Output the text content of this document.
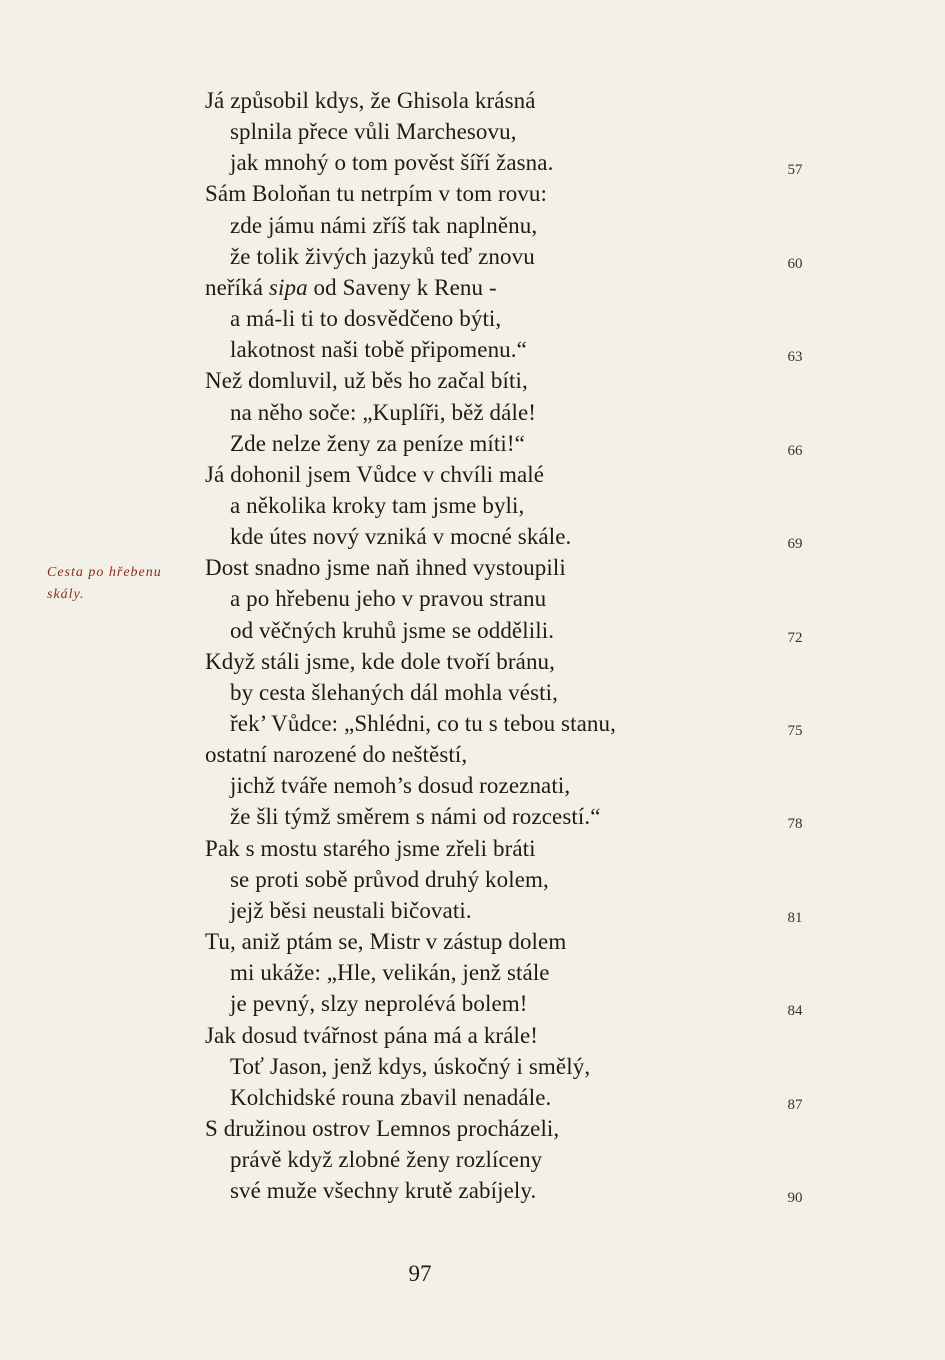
Já způsobil kdys, že Ghisola krásná
splnila přece vůli Marchesovu,
jak mnohý o tom pověst šíří žasna.
Sám Boloňan tu netrpím v tom rovu:
zde jámu námi zříš tak naplněnu,
že tolik živých jazyků teď znovu
neříká sipa od Saveny k Renu -
a má-li ti to dosvědčeno býti,
lakotnost naši tobě připomenu.“
Než domluvil, už běs ho začal bíti,
na něho soče: „Kuplíři, běž dále!
Zde nelze ženy za peníze míti!“
Já dohonil jsem Vůdce v chvíli malé
a několika kroky tam jsme byli,
kde útes nový vzniká v mocné skále.
Dost snadno jsme naň ihned vystoupili
a po hřebenu jeho v pravou stranu
od věčných kruhů jsme se oddělili.
Když stáli jsme, kde dole tvoří bránu,
by cesta šlehaných dál mohla vésti,
řek’ Vůdce: „Shlédni, co tu s tebou stanu,
ostatní narozené do neštěstí,
jichž tváře nemoh’s dosud rozeznati,
že šli týmž směrem s námi od rozcestí.“
Pak s mostu starého jsme zřeli bráti
se proti sobě průvod druhý kolem,
jejž běsi neustali bičovati.
Tu, aniž ptám se, Mistr v zástup dolem
mi ukáže: „Hle, velikán, jenž stále
je pevný, slzy neprolévá bolem!
Jak dosud tvářnost pána má a krále!
Toť Jason, jenž kdys, úskočný i smělý,
Kolchidské rouna zbavil nenadále.
S družinou ostrov Lemnos procházeli,
právě když zlobné ženy rozlíceny
své muže všechny krutě zabíjely.
57
60
63
66
69
72
75
78
81
84
87
90
Cesta po hřebenu
skály.
97
